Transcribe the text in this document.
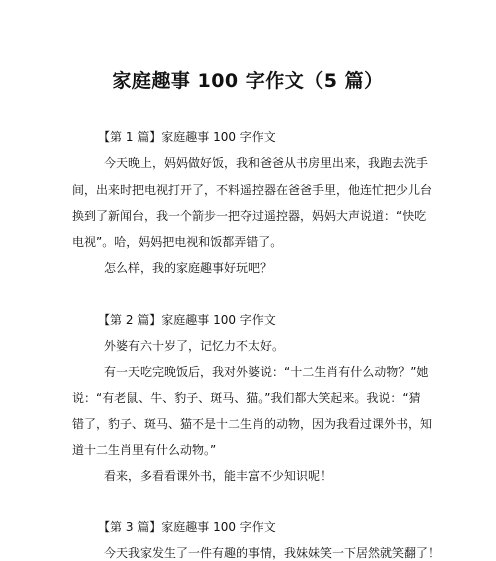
家庭趣事 100 字作文（5 篇）
【第 1 篇】家庭趣事 100 字作文
今天晚上，妈妈做好饭，我和爸爸从书房里出来，我跑去洗手
间，出来时把电视打开了，不料遥控器在爸爸手里，他连忙把少儿台
换到了新闻台，我一个箭步一把夺过遥控器，妈妈大声说道：“快吃
电视”。哈，妈妈把电视和饭都弄错了。
怎么样，我的家庭趣事好玩吧？
【第 2 篇】家庭趣事 100 字作文
外婆有六十岁了，记忆力不太好。
有一天吃完晚饭后，我对外婆说：“十二生肖有什么动物？”她
说：“有老鼠、牛、豹子、斑马、猫。”我们都大笑起来。我说：“猜
错了，豹子、斑马、猫不是十二生肖的动物，因为我看过课外书，知
道十二生肖里有什么动物。”
看来，多看看课外书，能丰富不少知识呢！
【第 3 篇】家庭趣事 100 字作文
今天我家发生了一件有趣的事情，我妹妹笑一下居然就笑翻了！
